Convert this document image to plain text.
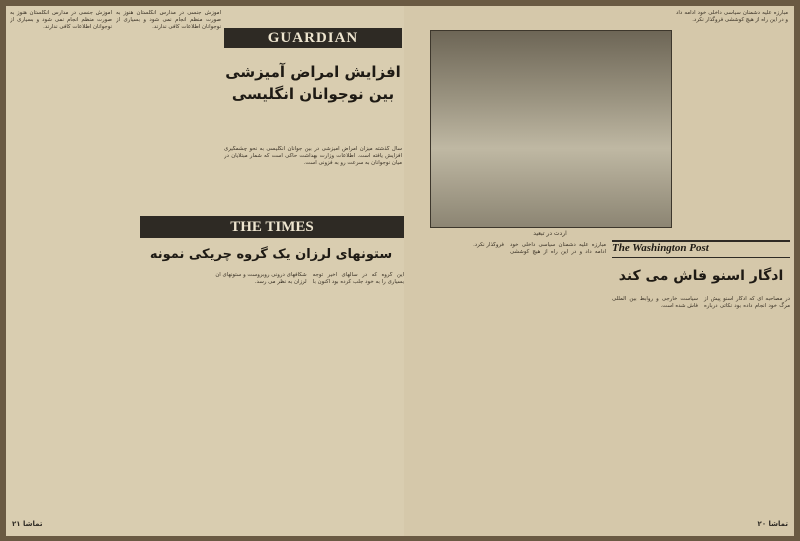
GUARDIAN
افزایش امراض آمیزشی
بین نوجوانان انگلیسی

سال گذشته میزان امراض آمیزشی در بین جوانان انگلیسی به نحو چشمگیری افزایش یافته است. اطلاعات وزارت بهداشت حاکی است که شمار مبتلایان در میان نوجوانان به سرعت رو به فزونی است.

آموزش جنسی در مدارس انگلستان هنوز به صورت منظم انجام نمی شود و بسیاری از نوجوانان اطلاعات کافی ندارند.

آموزش جنسی در مدارس انگلستان هنوز به صورت منظم انجام نمی شود و بسیاری از نوجوانان اطلاعات کافی ندارند.

THE TIMES
ستونهای لرزان یک گروه چریکی نمونه

این گروه که در سالهای اخیر توجه بسیاری را به خود جلب کرده بود اکنون با شکافهای درونی روبروست و ستونهای آن لرزان به نظر می رسد.

۲۱ تماشا
اردت در تبعید

مبارزه علیه دشمنان سیاسی داخلی خود ادامه داد و در این راه از هیچ کوششی فروگذار نکرد.

The Washington Post
ادگار اسنو فاش می کند

مبارزه علیه دشمنان سیاسی داخلی خود ادامه داد و در این راه از هیچ کوششی فروگذار نکرد.

در مصاحبه ای که ادگار اسنو پیش از مرگ خود انجام داده بود نکاتی درباره سیاست خارجی و روابط بین المللی فاش شده است.

تماشا ۲۰
